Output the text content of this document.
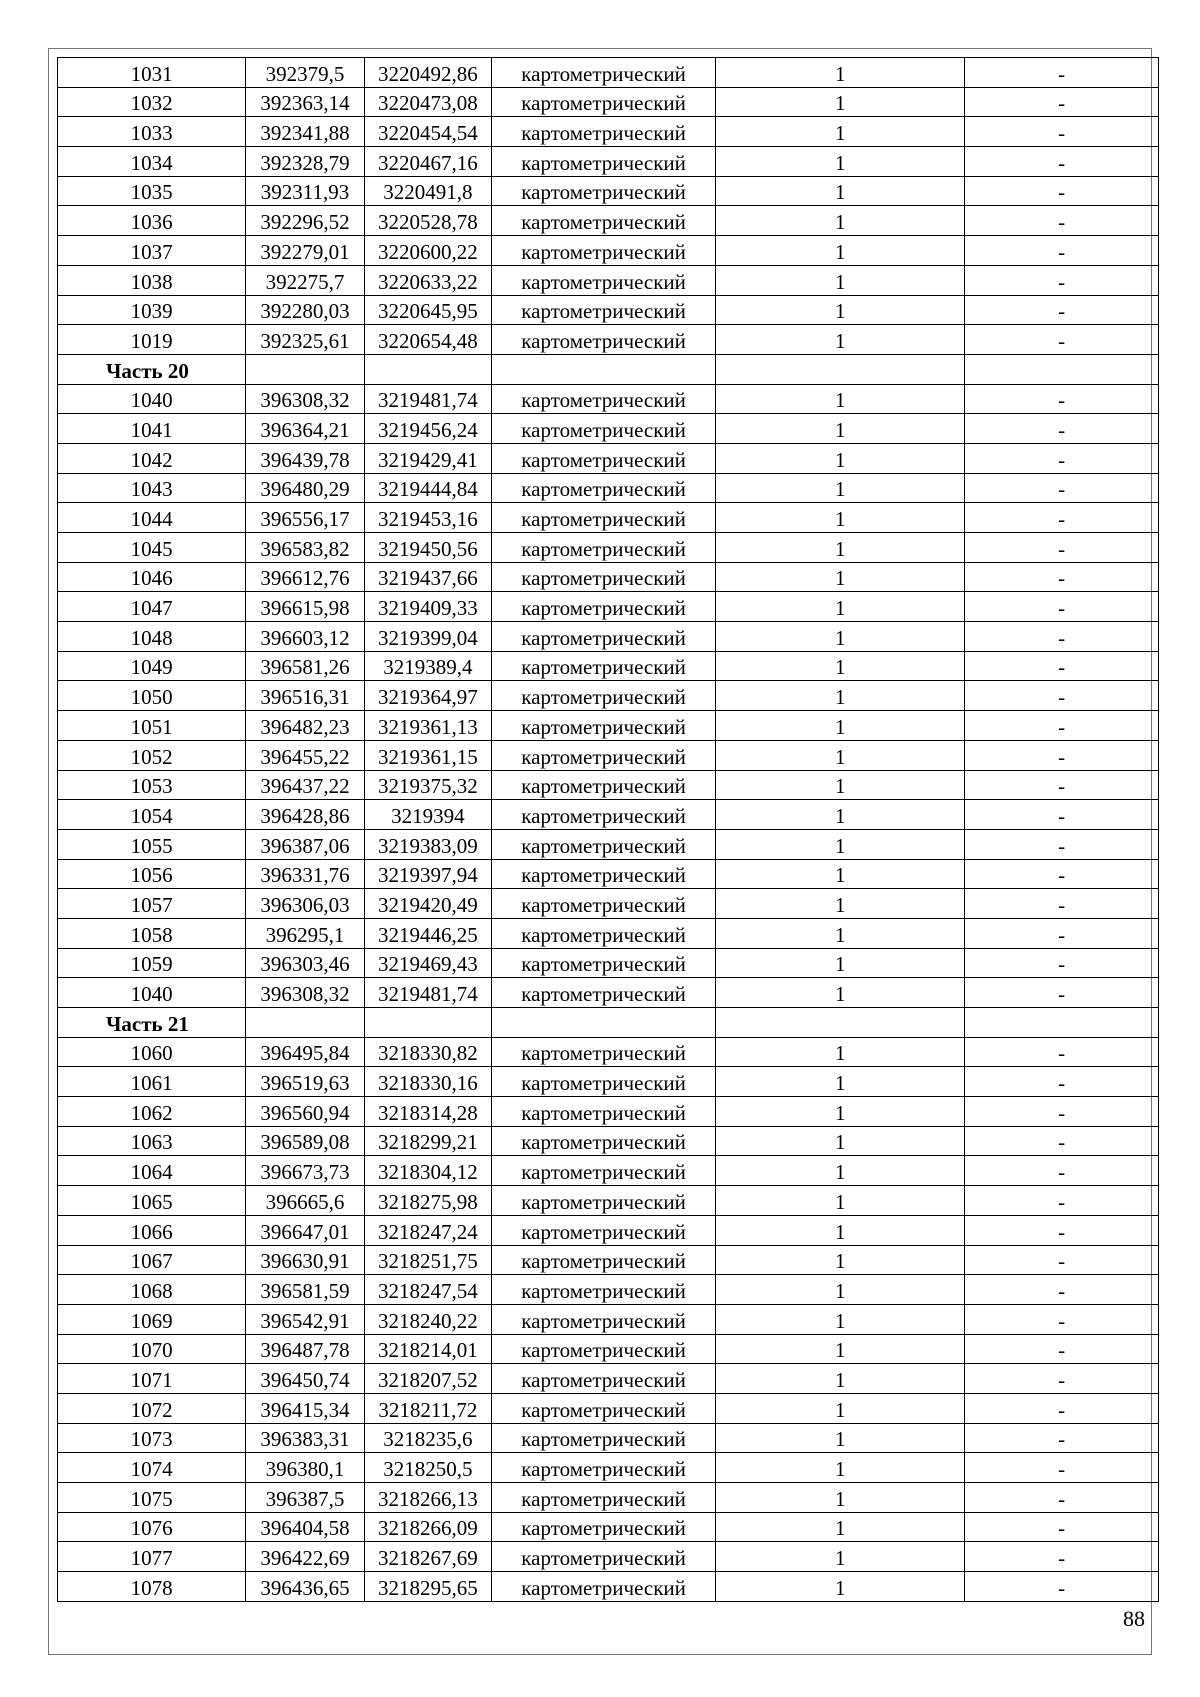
1031	392379,5	3220492,86	картометрический	1	-
1032	392363,14	3220473,08	картометрический	1	-
1033	392341,88	3220454,54	картометрический	1	-
1034	392328,79	3220467,16	картометрический	1	-
1035	392311,93	3220491,8	картометрический	1	-
1036	392296,52	3220528,78	картометрический	1	-
1037	392279,01	3220600,22	картометрический	1	-
1038	392275,7	3220633,22	картометрический	1	-
1039	392280,03	3220645,95	картометрический	1	-
1019	392325,61	3220654,48	картометрический	1	-
Часть 20					
1040	396308,32	3219481,74	картометрический	1	-
1041	396364,21	3219456,24	картометрический	1	-
1042	396439,78	3219429,41	картометрический	1	-
1043	396480,29	3219444,84	картометрический	1	-
1044	396556,17	3219453,16	картометрический	1	-
1045	396583,82	3219450,56	картометрический	1	-
1046	396612,76	3219437,66	картометрический	1	-
1047	396615,98	3219409,33	картометрический	1	-
1048	396603,12	3219399,04	картометрический	1	-
1049	396581,26	3219389,4	картометрический	1	-
1050	396516,31	3219364,97	картометрический	1	-
1051	396482,23	3219361,13	картометрический	1	-
1052	396455,22	3219361,15	картометрический	1	-
1053	396437,22	3219375,32	картометрический	1	-
1054	396428,86	3219394	картометрический	1	-
1055	396387,06	3219383,09	картометрический	1	-
1056	396331,76	3219397,94	картометрический	1	-
1057	396306,03	3219420,49	картометрический	1	-
1058	396295,1	3219446,25	картометрический	1	-
1059	396303,46	3219469,43	картометрический	1	-
1040	396308,32	3219481,74	картометрический	1	-
Часть 21					
1060	396495,84	3218330,82	картометрический	1	-
1061	396519,63	3218330,16	картометрический	1	-
1062	396560,94	3218314,28	картометрический	1	-
1063	396589,08	3218299,21	картометрический	1	-
1064	396673,73	3218304,12	картометрический	1	-
1065	396665,6	3218275,98	картометрический	1	-
1066	396647,01	3218247,24	картометрический	1	-
1067	396630,91	3218251,75	картометрический	1	-
1068	396581,59	3218247,54	картометрический	1	-
1069	396542,91	3218240,22	картометрический	1	-
1070	396487,78	3218214,01	картометрический	1	-
1071	396450,74	3218207,52	картометрический	1	-
1072	396415,34	3218211,72	картометрический	1	-
1073	396383,31	3218235,6	картометрический	1	-
1074	396380,1	3218250,5	картометрический	1	-
1075	396387,5	3218266,13	картометрический	1	-
1076	396404,58	3218266,09	картометрический	1	-
1077	396422,69	3218267,69	картометрический	1	-
1078	396436,65	3218295,65	картометрический	1	-
88
